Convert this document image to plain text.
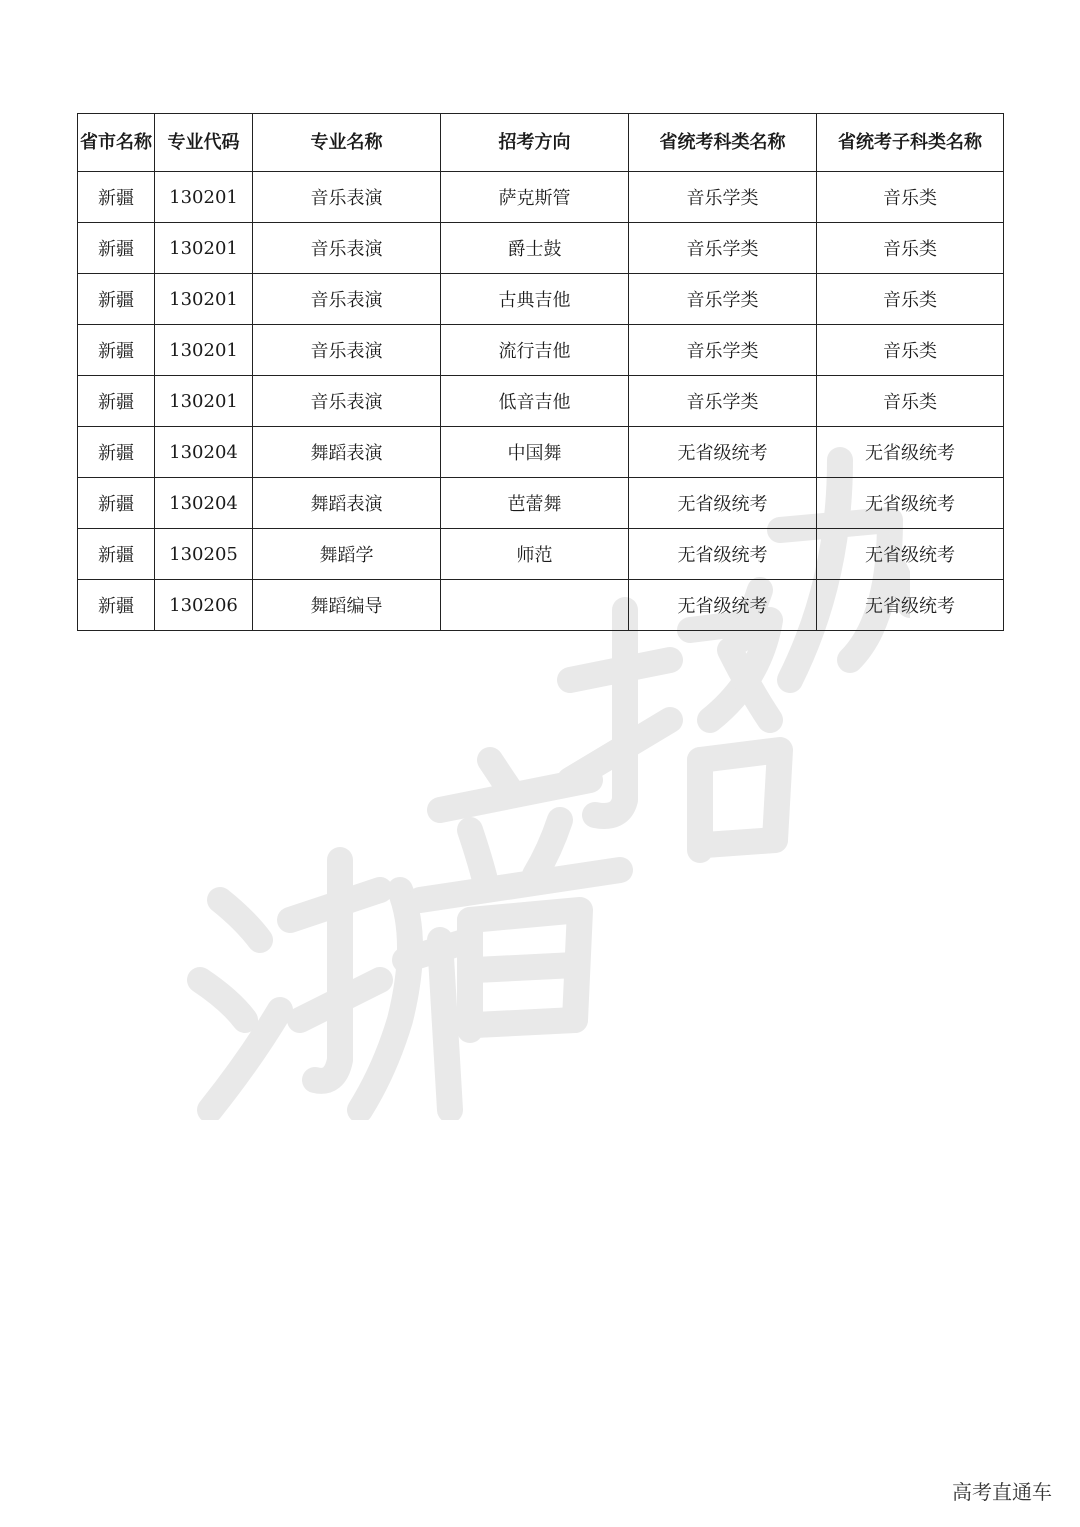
省市名称	专业代码	专业名称	招考方向	省统考科类名称	省统考子科类名称
新疆	130201	音乐表演	萨克斯管	音乐学类	音乐类
新疆	130201	音乐表演	爵士鼓	音乐学类	音乐类
新疆	130201	音乐表演	古典吉他	音乐学类	音乐类
新疆	130201	音乐表演	流行吉他	音乐学类	音乐类
新疆	130201	音乐表演	低音吉他	音乐学类	音乐类
新疆	130204	舞蹈表演	中国舞	无省级统考	无省级统考
新疆	130204	舞蹈表演	芭蕾舞	无省级统考	无省级统考
新疆	130205	舞蹈学	师范	无省级统考	无省级统考
新疆	130206	舞蹈编导		无省级统考	无省级统考
高考直通车
